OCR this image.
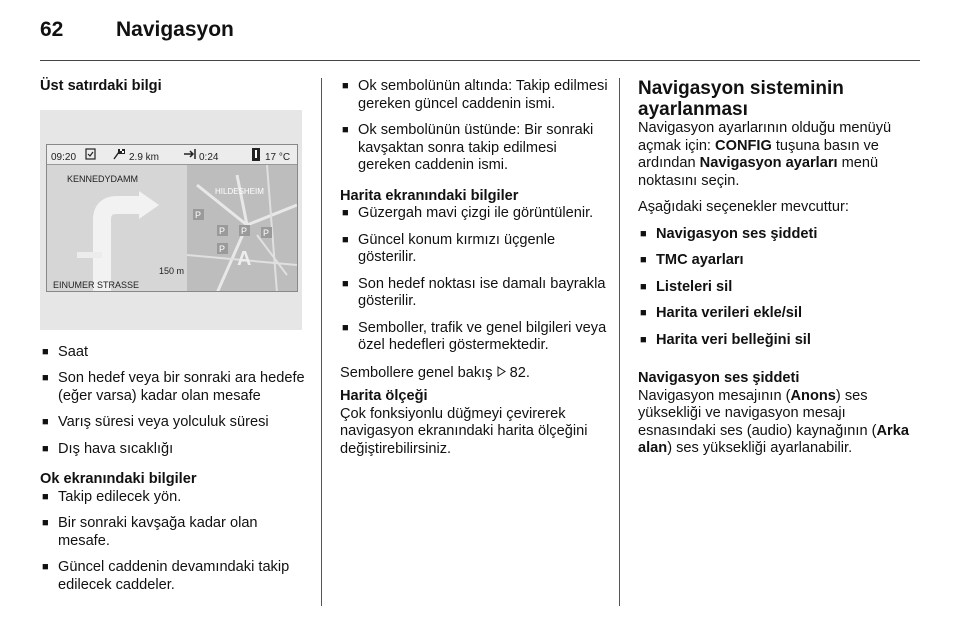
62	Navigasyon
Üst satırdaki bilgi
09:20	2.9 km	0:24	17 °C
P
P P P
P A
KENNEDYDAMM
HILDESHEIM
150 m
EINUMER STRASSE
■ Saat
■ Son hedef veya bir sonraki ara hedefe (eğer varsa) kadar olan mesafe
■ Varış süresi veya yolculuk süresi
■ Dış hava sıcaklığı
Ok ekranındaki bilgiler
■ Takip edilecek yön.
■ Bir sonraki kavşağa kadar olan mesafe.
■ Güncel caddenin devamındaki takip edilecek caddeler.
■ Ok sembolünün altında: Takip edilmesi gereken güncel caddenin ismi.
■ Ok sembolünün üstünde: Bir sonraki kavşaktan sonra takip edilmesi gereken caddenin ismi.
Harita ekranındaki bilgiler
■ Güzergah mavi çizgi ile görüntülenir.
■ Güncel konum kırmızı üçgenle gösterilir.
■ Son hedef noktası ise damalı bayrakla gösterilir.
■ Semboller, trafik ve genel bilgileri veya özel hedefleri göstermektedir.

Sembollere genel bakış 82.

Harita ölçeği

Çok fonksiyonlu düğmeyi çevirerek navigasyon ekranındaki harita ölçeğini değiştirebilirsiniz.

Navigasyon sisteminin ayarlanması

Navigasyon ayarlarının olduğu menüyü açmak için: CONFIG tuşuna basın ve ardından Navigasyon ayarları menü noktasını seçin.

Aşağıdaki seçenekler mevcuttur:

■ Navigasyon ses şiddeti
■ TMC ayarları
■ Listeleri sil
■ Harita verileri ekle/sil
■ Harita veri belleğini sil
Navigasyon ses şiddeti

Navigasyon mesajının (Anons) ses yüksekliği ve navigasyon mesajı esnasındaki ses (audio) kaynağının (Arka alan) ses yüksekliği ayarlanabilir.
